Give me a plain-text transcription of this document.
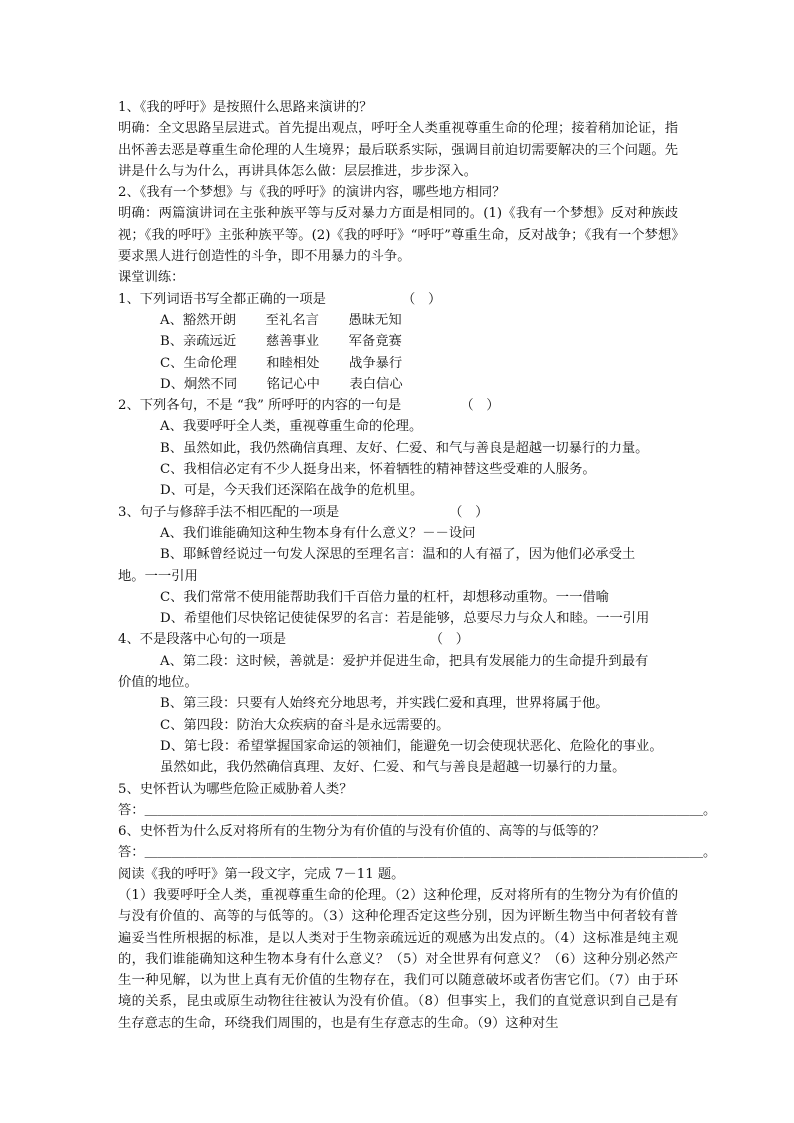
1、《我的呼吁》是按照什么思路来演讲的？

明确：全文思路呈层进式。首先提出观点，呼吁全人类重视尊重生命的伦理；接着稍加论证，指出怀善去恶是尊重生命伦理的人生境界；最后联系实际，强调目前迫切需要解决的三个问题。先讲是什么与为什么，再讲具体怎么做：层层推进，步步深入。

2、《我有一个梦想》与《我的呼吁》的演讲内容，哪些地方相同？

明确：两篇演讲词在主张种族平等与反对暴力方面是相同的。(1)《我有一个梦想》反对种族歧视；《我的呼吁》主张种族平等。(2)《我的呼吁》“呼吁”尊重生命，反对战争；《我有一个梦想》要求黑人进行创造性的斗争，即不用暴力的斗争。

课堂训练：

1、下列词语书写全都正确的一项是                  （   ）

A、豁然开朗       至礼名言       愚昧无知

B、亲疏远近       慈善事业       军备竟赛

C、生命伦理       和睦相处       战争暴行

D、炯然不同       铭记心中       表白信心

2、下列各句，不是 “我” 所呼吁的内容的一句是              （   ）

A、我要呼吁全人类，重视尊重生命的伦理。

B、虽然如此，我仍然确信真理、友好、仁爱、和气与善良是超越一切暴行的力量。

C、我相信必定有不少人挺身出来，怀着牺牲的精神替这些受难的人服务。

D、可是，今天我们还深陷在战争的危机里。

3、句子与修辞手法不相匹配的一项是                          （   ）

A、我们谁能确知这种生物本身有什么意义？－－设问

B、耶稣曾经说过一句发人深思的至理名言：温和的人有福了，因为他们必承受土

地。一一引用

C、我们常常不使用能帮助我们千百倍力量的杠杆，却想移动重物。一一借喻

D、希望他们尽快铭记使徒保罗的名言：若是能够，总要尽力与众人和睦。一一引用

4、不是段落中心句的一项是                                  （   ）

A、第二段：这时候，善就是：爱护并促进生命，把具有发展能力的生命提升到最有

价值的地位。

B、第三段：只要有人始终充分地思考，并实践仁爱和真理，世界将属于他。

C、第四段：防治大众疾病的奋斗是永远需要的。

D、第七段：希望掌握国家命运的领袖们，能避免一切会使现状恶化、危险化的事业。

虽然如此，我仍然确信真理、友好、仁爱、和气与善良是超越一切暴行的力量。

5、史怀哲认为哪些危险正威胁着人类？

答：＿＿＿＿＿＿＿＿＿＿＿＿＿＿＿＿＿＿＿＿＿＿＿＿＿＿＿＿＿＿＿＿＿＿＿＿＿＿＿＿＿＿。

6、史怀哲为什么反对将所有的生物分为有价值的与没有价值的、高等的与低等的？

答：＿＿＿＿＿＿＿＿＿＿＿＿＿＿＿＿＿＿＿＿＿＿＿＿＿＿＿＿＿＿＿＿＿＿＿＿＿＿＿＿＿＿。

阅读《我的呼吁》第一段文字，完成 7－11 题。

（1）我要呼吁全人类，重视尊重生命的伦理。（2）这种伦理，反对将所有的生物分为有价值的与没有价值的、高等的与低等的。（3）这种伦理否定这些分别，因为评断生物当中何者较有普遍妥当性所根据的标准，是以人类对于生物亲疏远近的观感为出发点的。（4）这标准是纯主观的，我们谁能确知这种生物本身有什么意义？（5）对全世界有何意义？（6）这种分别必然产生一种见解，以为世上真有无价值的生物存在，我们可以随意破坏或者伤害它们。（7）由于环境的关系，昆虫或原生动物往往被认为没有价值。（8）但事实上，我们的直觉意识到自己是有生存意志的生命，环绕我们周围的，也是有生存意志的生命。（9）这种对生
